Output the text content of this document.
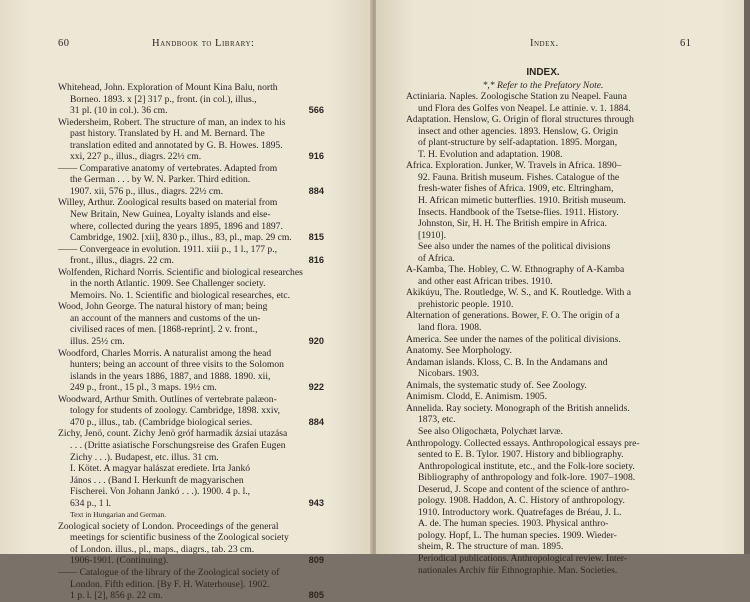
60	Handbook to Library:
Whitehead, John. Exploration of Mount Kina Balu, north
Borneo. 1893. x [2] 317 p., front. (in col.), illus.,
31 pl. (10 in col.). 36 cm.	566
Wiedersheim, Robert. The structure of man, an index to his
past history. Translated by H. and M. Bernard. The
translation edited and annotated by G. B. Howes. 1895.
xxi, 227 p., illus., diagrs. 22½ cm.	916
—— Comparative anatomy of vertebrates. Adapted from
the German . . . by W. N. Parker. Third edition.
1907. xii, 576 p., illus., diagrs. 22½ cm.	884
Willey, Arthur. Zoological results based on material from
New Britain, New Guinea, Loyalty islands and else-
where, collected during the years 1895, 1896 and 1897.
Cambridge, 1902. [xii], 830 p., illus., 83, pl., map. 29 cm.	815
—— Convergeace in evolution. 1911. xiii p., 1 l., 177 p.,
front., illus., diagrs. 22 cm.	816
Wolfenden, Richard Norris. Scientific and biological researches
in the north Atlantic. 1909. See Challenger society.
Memoirs. No. 1. Scientific and biological researches, etc.
Wood, John George. The natural history of man; being
an account of the manners and customs of the un-
civilised races of men. [1868-reprint]. 2 v. front.,
illus. 25½ cm.	920
Woodford, Charles Morris. A naturalist among the head
hunters; being an account of three visits to the Solomon
islands in the years 1886, 1887, and 1888. 1890. xii,
249 p., front., 15 pl., 3 maps. 19½ cm.	922
Woodward, Arthur Smith. Outlines of vertebrate palæon-
tology for students of zoology. Cambridge, 1898. xxiv,
470 p., illus., tab. (Cambridge biological series.	884
Zichy, Jenö, count. Zichy Jenö gróf harmadik ázsiai utazása
. . . (Dritte asiatische Forschungsreise des Grafen Eugen
Zichy . . .). Budapest, etc. illus. 31 cm.
I. Kötet. A magyar halászat erediete. Irta Jankó
János . . . (Band I. Herkunft de magyarischen
Fischerei. Von Johann Jankó . . .). 1900. 4 p. l.,
634 p., 1 l.	943
Text in Hungarian and German.
Zoological society of London. Proceedings of the general
meetings for scientific business of the Zoological society
of London. illus., pl., maps., diagrs., tab. 23 cm.
1906-1901. (Continuing).	809
—— Catalogue of the library of the Zoological society of
London. Fifth edition. [By F. H. Waterhouse]. 1902.
1 p. l. [2], 856 p. 22 cm.	805
Index.	61
INDEX.
*,* Refer to the Prefatory Note.
Actiniaria. Naples. Zoologische Station zu Neapel. Fauna
und Flora des Golfes von Neapel. Le attinie. v. 1. 1884.
Adaptation. Henslow, G. Origin of floral structures through
insect and other agencies. 1893. Henslow, G. Origin
of plant-structure by self-adaptation. 1895. Morgan,
T. H. Evolution and adaptation. 1908.
Africa. Exploration. Junker, W. Travels in Africa. 1890–
92. Fauna. British museum. Fishes. Catalogue of the
fresh-water fishes of Africa. 1909, etc. Eltringham,
H. African mimetic butterflies. 1910. British museum.
Insects. Handbook of the Tsetse-flies. 1911. History.
Johnston, Sir, H. H. The British empire in Africa.
[1910].
See also under the names of the political divisions
of Africa.
A-Kamba, The. Hobley, C. W. Ethnography of A-Kamba
and other east African tribes. 1910.
Akikúyu, The. Routledge, W. S., and K. Routledge. With a
prehistoric people. 1910.
Alternation of generations. Bower, F. O. The origin of a
land flora. 1908.
America. See under the names of the political divisions.
Anatomy. See Morphology.
Andaman islands. Kloss, C. B. In the Andamans and
Nicobars. 1903.
Animals, the systematic study of. See Zoology.
Animism. Clodd, E. Animism. 1905.
Annelida. Ray society. Monograph of the British annelids.
1873, etc.
See also Oligochæta, Polychæt larvæ.
Anthropology. Collected essays. Anthropological essays pre-
sented to E. B. Tylor. 1907. History and bibliography.
Anthropological institute, etc., and the Folk-lore society.
Bibliography of anthropology and folk-lore. 1907–1908.
Deserud, J. Scope and content of the science of anthro-
pology. 1908. Haddon, A. C. History of anthropology.
1910. Introductory work. Quatrefages de Bréau, J. L.
A. de. The human species. 1903. Physical anthro-
pology. Hopf, L. The human species. 1909. Wieder-
sheim, R. The structure of man. 1895.
Periodical publications. Anthropological review. Inter-
nationales Archiv für Ethnographie. Man. Societies.
